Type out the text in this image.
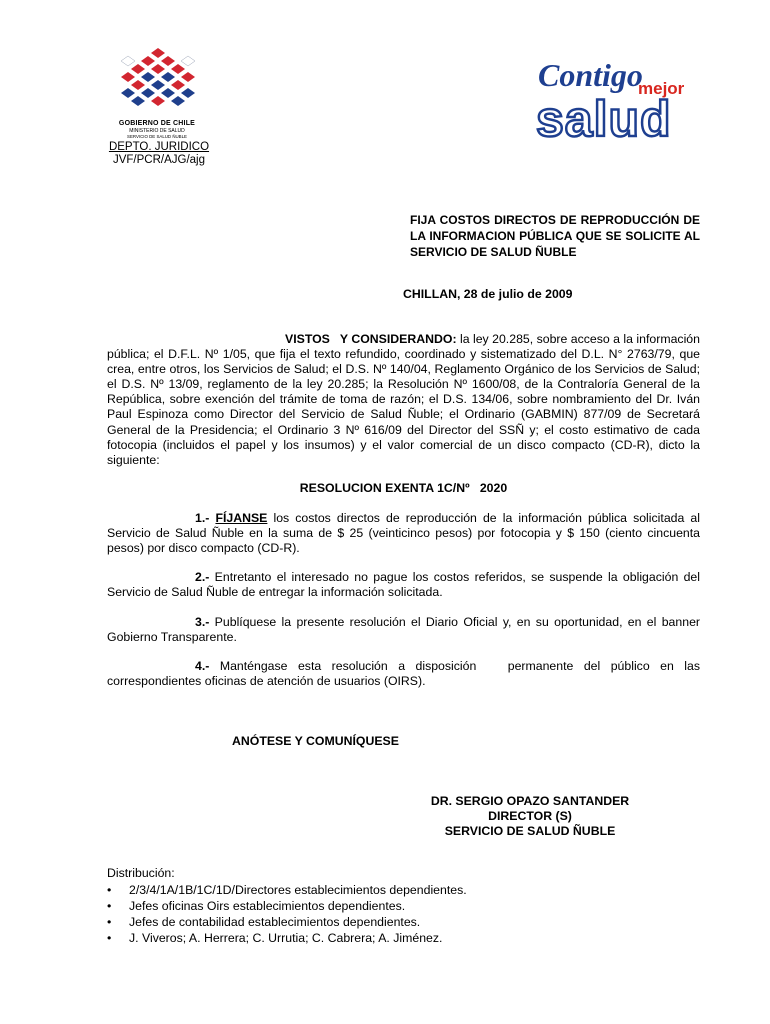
GOBIERNO DE CHILE
MINISTERIO DE SALUD
SERVICIO DE SALUD ÑUBLE
DEPTO. JURIDICO
JVF/PCR/AJG/ajg
Contigo
mejor
salud
FIJA COSTOS DIRECTOS DE REPRODUCCIÓN DE LA INFORMACION PÚBLICA QUE SE SOLICITE AL SERVICIO DE SALUD ÑUBLE
CHILLAN, 28 de julio de 2009
VISTOS   Y CONSIDERANDO: la ley 20.285, sobre acceso a la información pública; el D.F.L. Nº 1/05, que fija el texto refundido, coordinado y sistematizado del D.L. N° 2763/79, que crea, entre otros, los Servicios de Salud; el D.S. Nº 140/04, Reglamento Orgánico de los Servicios de Salud; el D.S. Nº 13/09, reglamento de la ley 20.285; la Resolución Nº 1600/08, de la Contraloría General de la República, sobre exención del trámite de toma de razón; el D.S. 134/06, sobre nombramiento del Dr. Iván Paul Espinoza como Director del Servicio de Salud Ñuble; el Ordinario (GABMIN) 877/09 de Secretará General de la Presidencia; el Ordinario 3 Nº 616/09 del Director del SSÑ y; el costo estimativo de cada fotocopia (incluidos el papel y los insumos) y el valor comercial de un disco compacto (CD-R), dicto la siguiente:
RESOLUCION EXENTA 1C/Nº   2020
1.- FÍJANSE los costos directos de reproducción de la información pública solicitada al Servicio de Salud Ñuble en la suma de $ 25 (veinticinco pesos) por fotocopia y $ 150 (ciento cincuenta pesos) por disco compacto (CD-R).
2.- Entretanto el interesado no pague los costos referidos, se suspende la obligación del Servicio de Salud Ñuble de entregar la información solicitada.
3.- Publíquese la presente resolución el Diario Oficial y, en su oportunidad, en el banner Gobierno Transparente.
4.- Manténgase esta resolución a disposición   permanente del público en las correspondientes oficinas de atención de usuarios (OIRS).
ANÓTESE Y COMUNÍQUESE
DR. SERGIO OPAZO SANTANDER
DIRECTOR (S)
SERVICIO DE SALUD ÑUBLE
Distribución:
• 2/3/4/1A/1B/1C/1D/Directores establecimientos dependientes.
• Jefes oficinas Oirs establecimientos dependientes.
• Jefes de contabilidad establecimientos dependientes.
• J. Viveros; A. Herrera; C. Urrutia; C. Cabrera; A. Jiménez.
